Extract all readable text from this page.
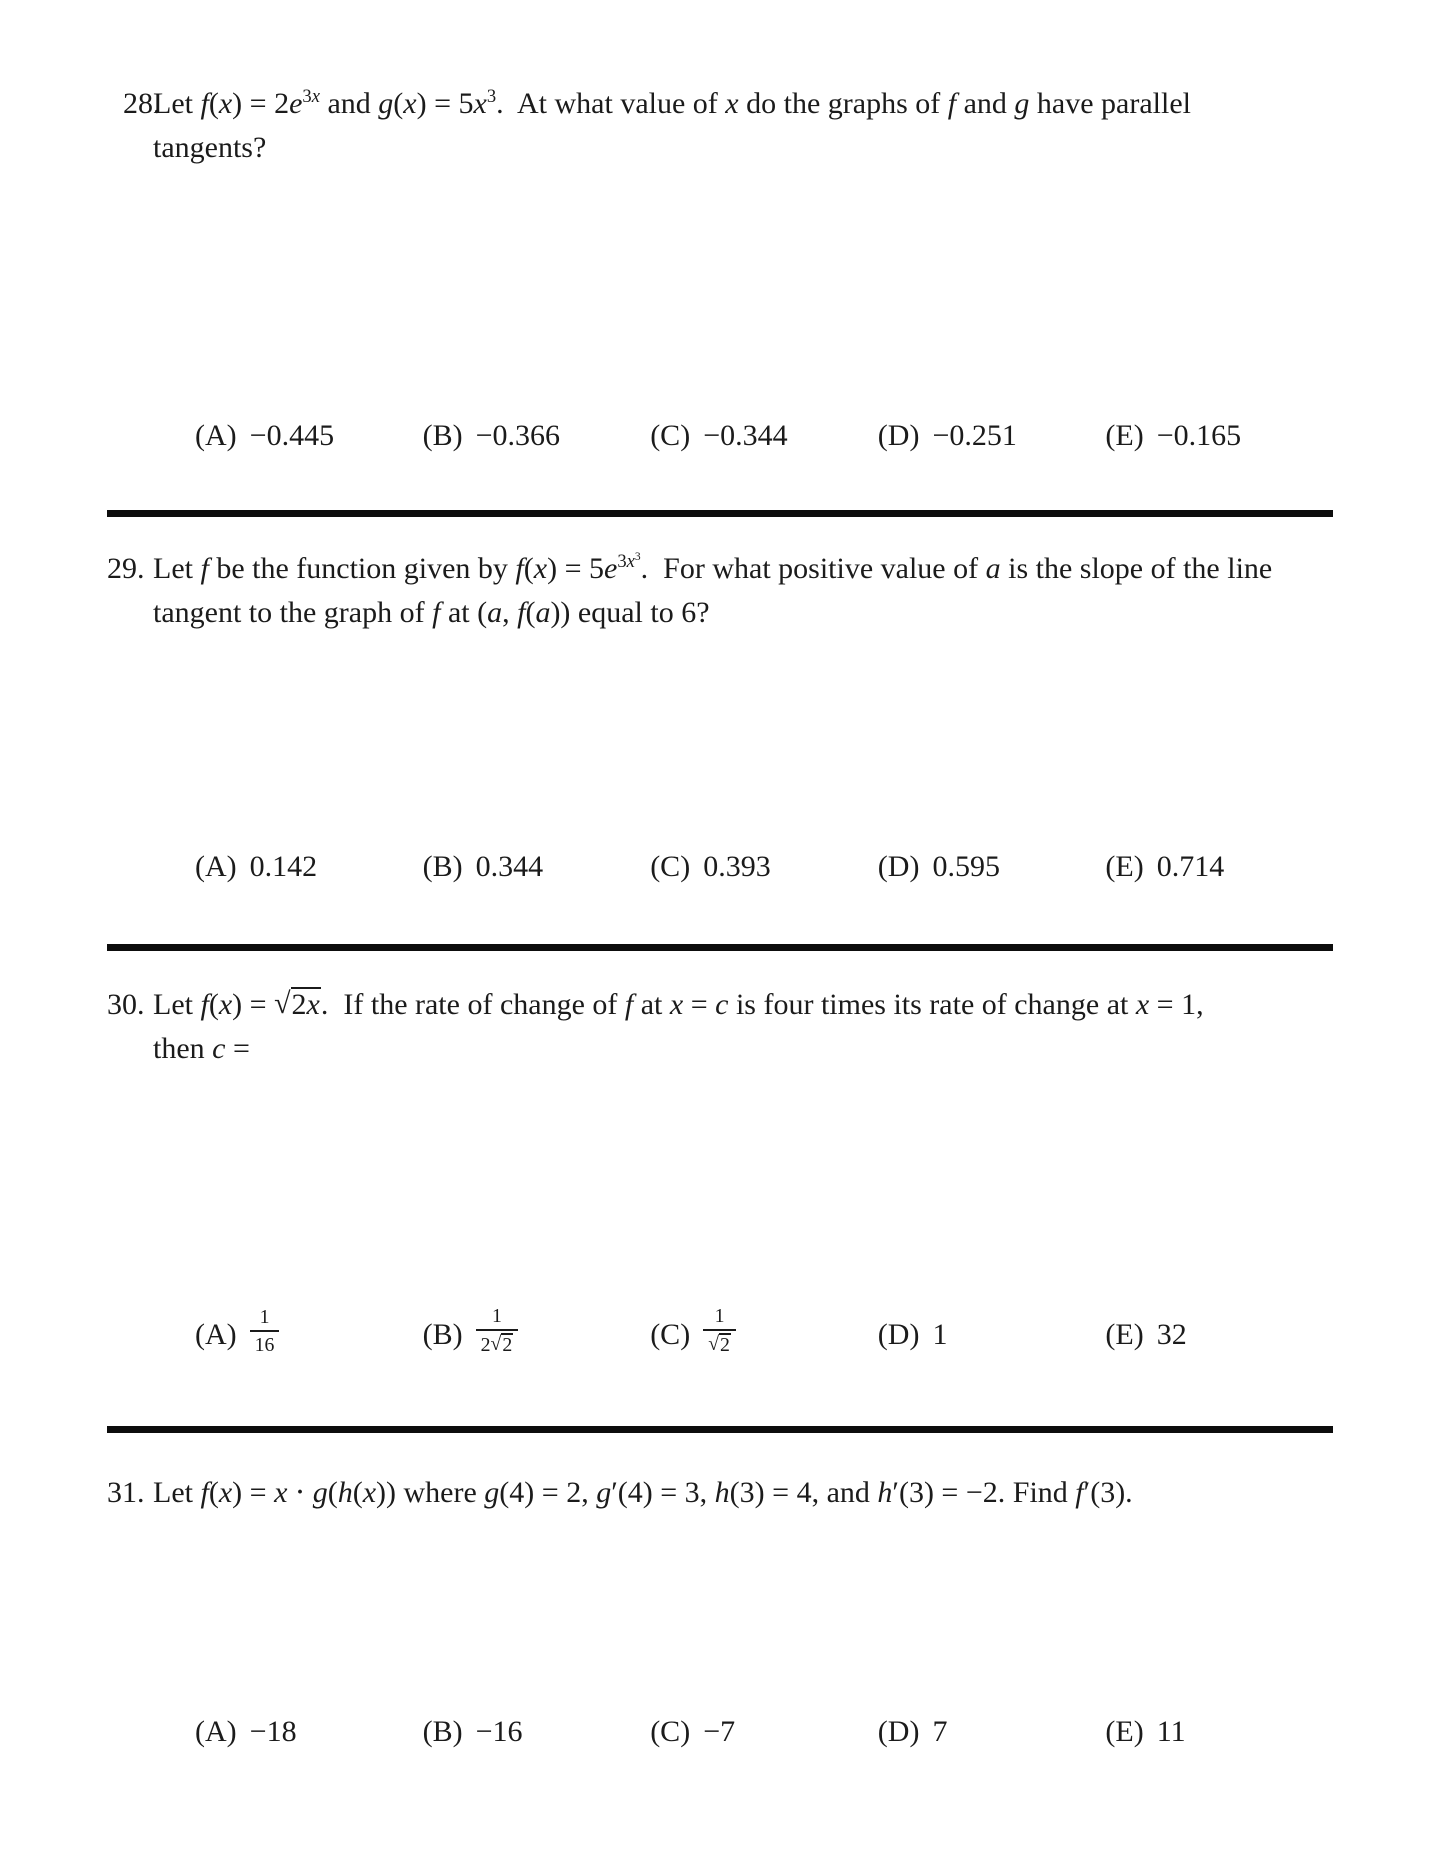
28.
Let $f(x) = 2e^{3x}$ and $g(x) = 5x^3$.  At what value of x do the graphs of f and g have parallel
tangents?
(A) −0.445	(B) −0.366	(C) −0.344	(D) −0.251	(E) −0.165
29. Let f be the function given by $f(x) = 5e^{3x^3}$.  For what positive value of a is the slope of the line
tangent to the graph of f at (a, f(a)) equal to 6?
(A) 0.142	(B) 0.344	(C) 0.393	(D) 0.595	(E) 0.714
30. Let f(x) = √2x.  If the rate of change of f at x = c is four times its rate of change at x = 1,
then c =
$(A) \frac{1}{16}$	$(B) \frac{1}{2√2}$	$(C) \frac{1}{√2}$	(D) 1	(E) 32
31. Let f(x) = x ⋅ g(h(x)) where g(4) = 2, g′(4) = 3, h(3) = 4, and h′(3) = −2. Find f′(3).
(A) −18	(B) −16	(C) −7	(D) 7	(E) 11
